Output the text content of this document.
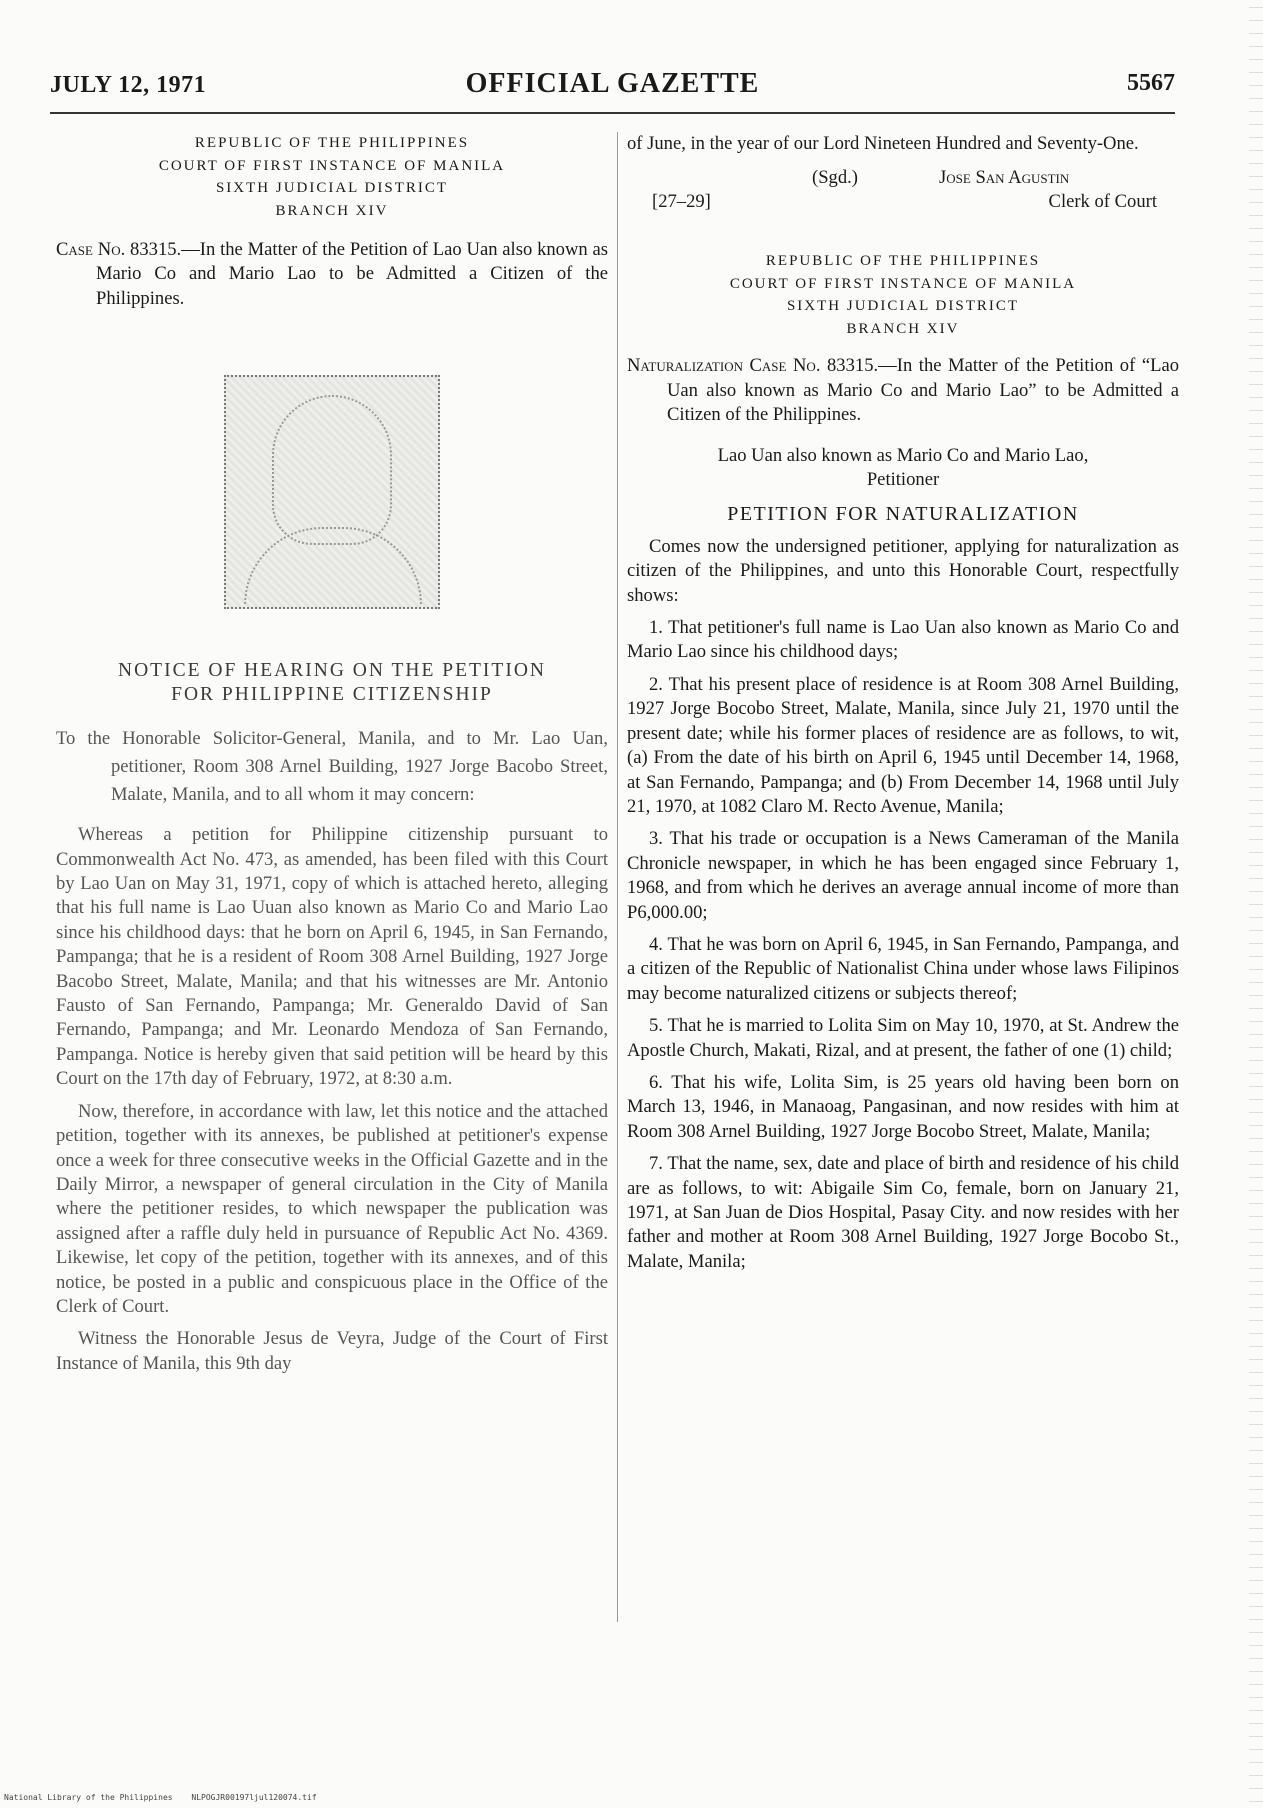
JULY 12, 1971	OFFICIAL GAZETTE	5567
REPUBLIC OF THE PHILIPPINES
COURT OF FIRST INSTANCE OF MANILA
SIXTH JUDICIAL DISTRICT
BRANCH XIV
Case No. 83315.—In the Matter of the Petition of Lao Uan also known as Mario Co and Mario Lao to be Admitted a Citizen of the Philippines.
NOTICE OF HEARING ON THE PETITION
FOR PHILIPPINE CITIZENSHIP

To the Honorable Solicitor-General, Manila, and to Mr. Lao Uan, petitioner, Room 308 Arnel Building, 1927 Jorge Bacobo Street, Malate, Manila, and to all whom it may concern:

Whereas a petition for Philippine citizenship pursuant to Commonwealth Act No. 473, as amended, has been filed with this Court by Lao Uan on May 31, 1971, copy of which is attached hereto, alleging that his full name is Lao Uuan also known as Mario Co and Mario Lao since his childhood days: that he born on April 6, 1945, in San Fernando, Pampanga; that he is a resident of Room 308 Arnel Building, 1927 Jorge Bacobo Street, Malate, Manila; and that his witnesses are Mr. Antonio Fausto of San Fernando, Pampanga; Mr. Generaldo David of San Fernando, Pampanga; and Mr. Leonardo Mendoza of San Fernando, Pampanga. Notice is hereby given that said petition will be heard by this Court on the 17th day of February, 1972, at 8:30 a.m.

Now, therefore, in accordance with law, let this notice and the attached petition, together with its annexes, be published at petitioner's expense once a week for three consecutive weeks in the Official Gazette and in the Daily Mirror, a newspaper of general circulation in the City of Manila where the petitioner resides, to which newspaper the publication was assigned after a raffle duly held in pursuance of Republic Act No. 4369. Likewise, let copy of the petition, together with its annexes, and of this notice, be posted in a public and conspicuous place in the Office of the Clerk of Court.

Witness the Honorable Jesus de Veyra, Judge of the Court of First Instance of Manila, this 9th day

of June, in the year of our Lord Nineteen Hundred and Seventy-One.

(Sgd.)	Jose San Agustin
[27–29]	Clerk of Court
REPUBLIC OF THE PHILIPPINES
COURT OF FIRST INSTANCE OF MANILA
SIXTH JUDICIAL DISTRICT
BRANCH XIV
Naturalization Case No. 83315.—In the Matter of the Petition of “Lao Uan also known as Mario Co and Mario Lao” to be Admitted a Citizen of the Philippines.
Lao Uan also known as Mario Co and Mario Lao,
Petitioner
PETITION FOR NATURALIZATION

Comes now the undersigned petitioner, applying for naturalization as citizen of the Philippines, and unto this Honorable Court, respectfully shows:

1. That petitioner's full name is Lao Uan also known as Mario Co and Mario Lao since his childhood days;

2. That his present place of residence is at Room 308 Arnel Building, 1927 Jorge Bocobo Street, Malate, Manila, since July 21, 1970 until the present date; while his former places of residence are as follows, to wit, (a) From the date of his birth on April 6, 1945 until December 14, 1968, at San Fernando, Pampanga; and (b) From December 14, 1968 until July 21, 1970, at 1082 Claro M. Recto Avenue, Manila;

3. That his trade or occupation is a News Cameraman of the Manila Chronicle newspaper, in which he has been engaged since February 1, 1968, and from which he derives an average annual income of more than P6,000.00;

4. That he was born on April 6, 1945, in San Fernando, Pampanga, and a citizen of the Republic of Nationalist China under whose laws Filipinos may become naturalized citizens or subjects thereof;

5. That he is married to Lolita Sim on May 10, 1970, at St. Andrew the Apostle Church, Makati, Rizal, and at present, the father of one (1) child;

6. That his wife, Lolita Sim, is 25 years old having been born on March 13, 1946, in Manaoag, Pangasinan, and now resides with him at Room 308 Arnel Building, 1927 Jorge Bocobo Street, Malate, Manila;

7. That the name, sex, date and place of birth and residence of his child are as follows, to wit: Abigaile Sim Co, female, born on January 21, 1971, at San Juan de Dios Hospital, Pasay City. and now resides with her father and mother at Room 308 Arnel Building, 1927 Jorge Bocobo St., Malate, Manila;

National Library of the Philippines NLPOGJR00197ljul120074.tif
